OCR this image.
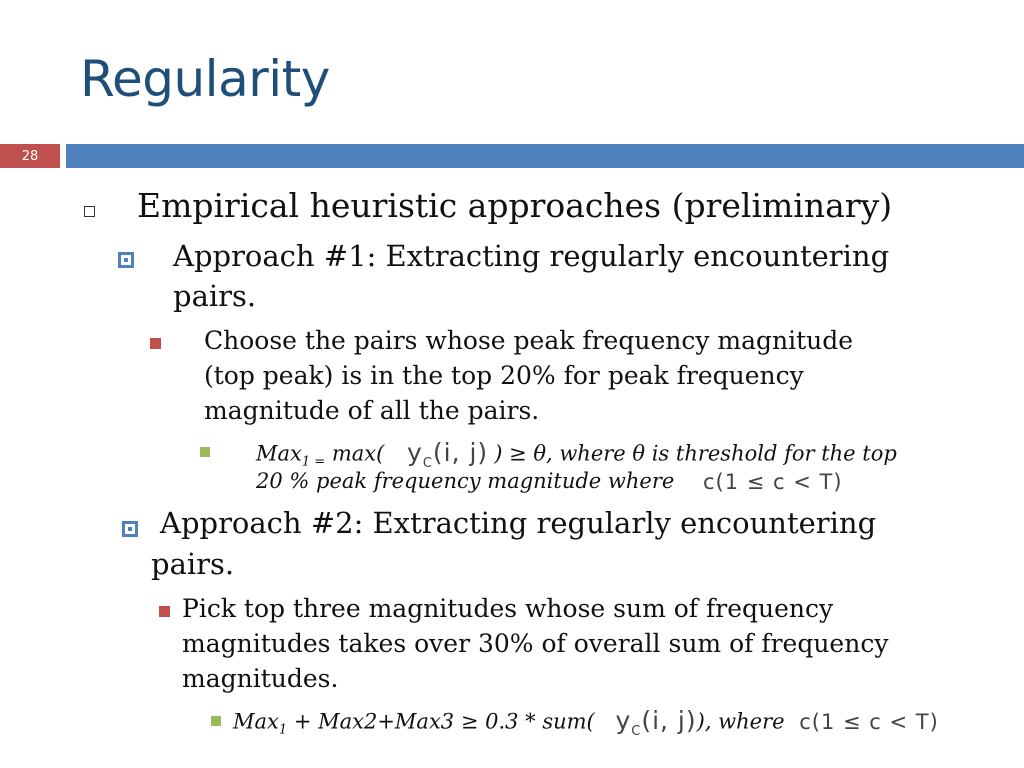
Regularity
28
Empirical heuristic approaches (preliminary)
Approach #1: Extracting regularly encountering
pairs.
Choose the pairs whose peak frequency magnitude
(top peak) is in the top 20% for peak frequency
magnitude of all the pairs.
Max$_{1 =}$ max( $y_C(i$, j) ) ≥ θ, where θ is threshold for the top
20 % peak frequency magnitude where c(1 ≤ c < T)
Approach #2: Extracting regularly encountering
pairs.
Pick top three magnitudes whose sum of frequency
magnitudes takes over 30% of overall sum of frequency
magnitudes.
Max$_1$ + Max2+Max3 ≥ 0.3 * sum( $y_C(i$, j)), where c(1 ≤ c < T)
